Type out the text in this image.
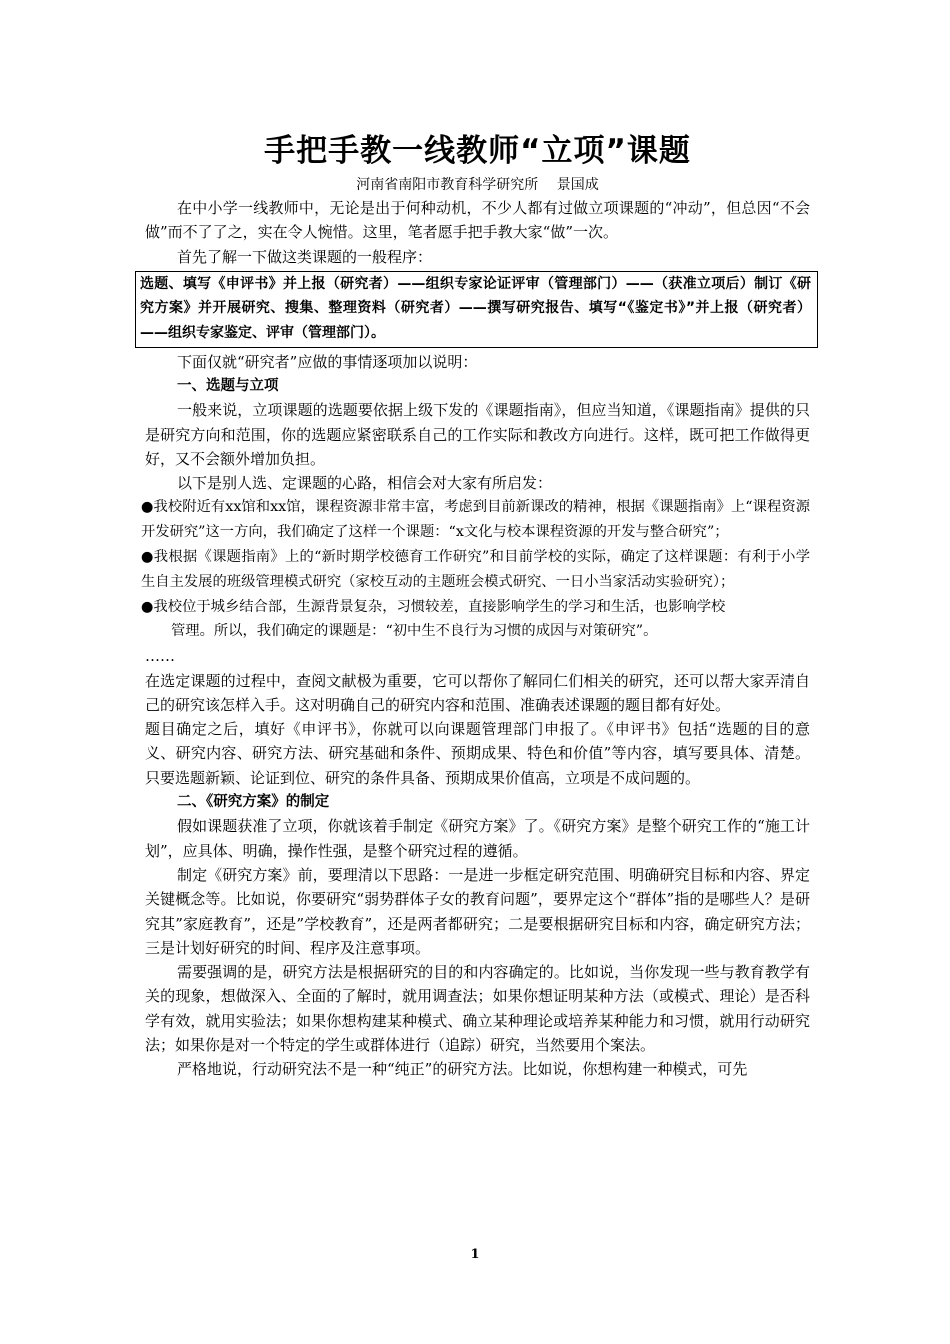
手把手教一线教师“立项”课题

河南省南阳市教育科学研究所 景国成

在中小学一线教师中，无论是出于何种动机，不少人都有过做立项课题的“冲动”，但总因“不会做”而不了了之，实在令人惋惜。这里，笔者愿手把手教大家“做”一次。

首先了解一下做这类课题的一般程序：

选题、填写《申评书》并上报（研究者）——组织专家论证评审（管理部门）——（获准立项后）制订《研究方案》并开展研究、搜集、整理资料（研究者）——撰写研究报告、填写“《鉴定书》”并上报（研究者）——组织专家鉴定、评审（管理部门）。

下面仅就“研究者”应做的事情逐项加以说明：

一、选题与立项

一般来说，立项课题的选题要依据上级下发的《课题指南》，但应当知道，《课题指南》提供的只是研究方向和范围，你的选题应紧密联系自己的工作实际和教改方向进行。这样，既可把工作做得更好，又不会额外增加负担。

以下是别人选、定课题的心路，相信会对大家有所启发：

●我校附近有xx馆和xx馆，课程资源非常丰富，考虑到目前新课改的精神，根据《课题指南》上“课程资源开发研究”这一方向，我们确定了这样一个课题：“x文化与校本课程资源的开发与整合研究”；

●我根据《课题指南》上的“新时期学校德育工作研究”和目前学校的实际，确定了这样课题：有利于小学生自主发展的班级管理模式研究（家校互动的主题班会模式研究、一日小当家活动实验研究）；

●我校位于城乡结合部，生源背景复杂，习惯较差，直接影响学生的学习和生活，也影响学校

管理。所以，我们确定的课题是：“初中生不良行为习惯的成因与对策研究”。

……

在选定课题的过程中，查阅文献极为重要，它可以帮你了解同仁们相关的研究，还可以帮大家弄清自己的研究该怎样入手。这对明确自己的研究内容和范围、准确表述课题的题目都有好处。

题目确定之后，填好《申评书》，你就可以向课题管理部门申报了。《申评书》包括“选题的目的意义、研究内容、研究方法、研究基础和条件、预期成果、特色和价值”等内容，填写要具体、清楚。只要选题新颖、论证到位、研究的条件具备、预期成果价值高，立项是不成问题的。

二、《研究方案》的制定

假如课题获准了立项，你就该着手制定《研究方案》了。《研究方案》是整个研究工作的“施工计划”，应具体、明确，操作性强，是整个研究过程的遵循。

制定《研究方案》前，要理清以下思路：一是进一步框定研究范围、明确研究目标和内容、界定关键概念等。比如说，你要研究“弱势群体子女的教育问题”，要界定这个“群体”指的是哪些人？是研究其”家庭教育”，还是”学校教育”，还是两者都研究；二是要根据研究目标和内容，确定研究方法；三是计划好研究的时间、程序及注意事项。

需要强调的是，研究方法是根据研究的目的和内容确定的。比如说，当你发现一些与教育教学有关的现象，想做深入、全面的了解时，就用调查法；如果你想证明某种方法（或模式、理论）是否科学有效，就用实验法；如果你想构建某种模式、确立某种理论或培养某种能力和习惯，就用行动研究法；如果你是对一个特定的学生或群体进行（追踪）研究，当然要用个案法。

严格地说，行动研究法不是一种“纯正”的研究方法。比如说，你想构建一种模式，可先

1
